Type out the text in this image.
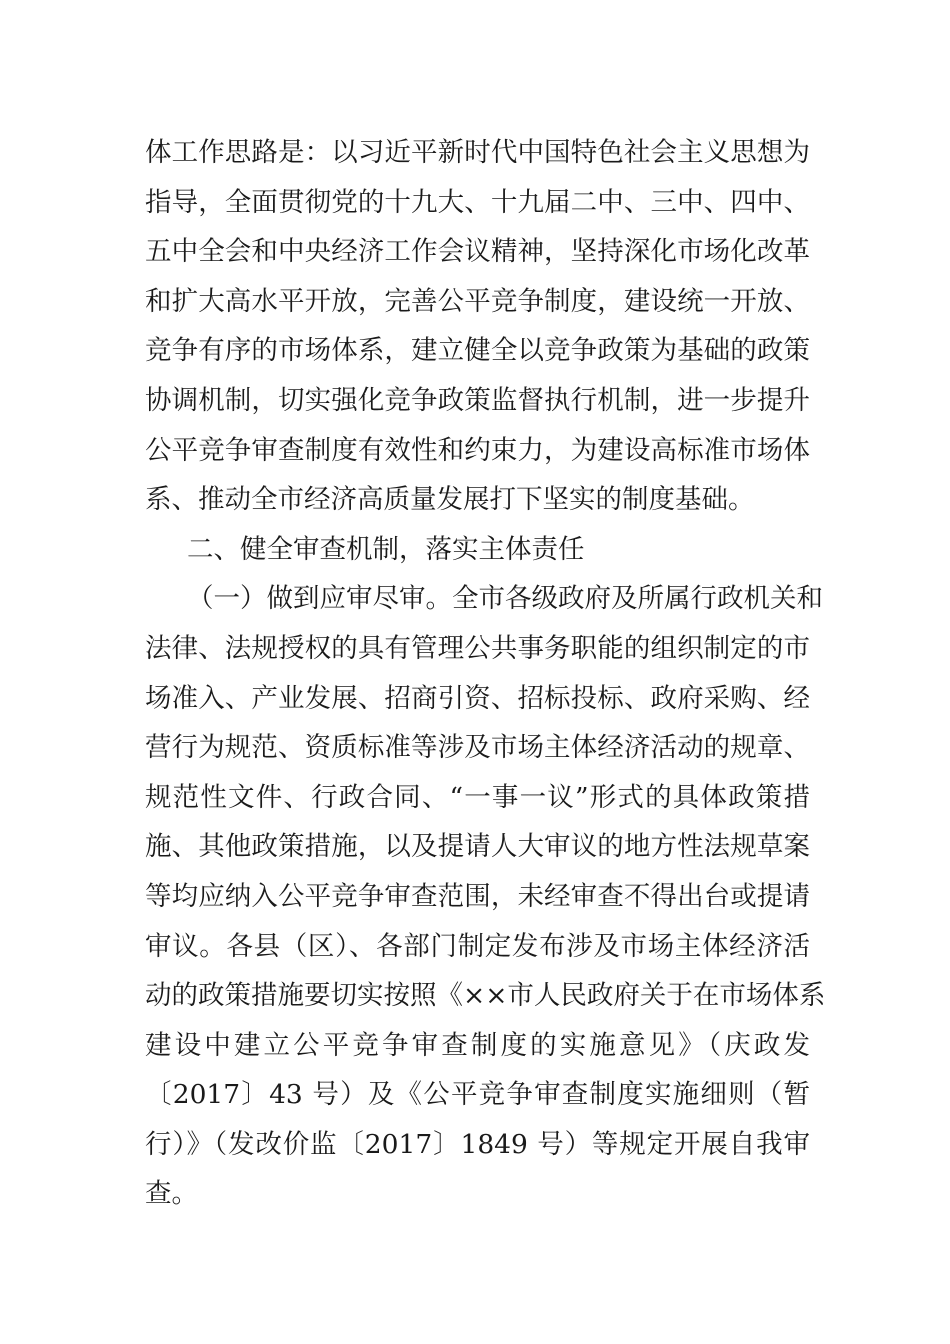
体工作思路是：以习近平新时代中国特色社会主义思想为
指导，全面贯彻党的十九大、十九届二中、三中、四中、
五中全会和中央经济工作会议精神，坚持深化市场化改革
和扩大高水平开放，完善公平竞争制度，建设统一开放、
竞争有序的市场体系，建立健全以竞争政策为基础的政策
协调机制，切实强化竞争政策监督执行机制，进一步提升
公平竞争审查制度有效性和约束力，为建设高标准市场体
系、推动全市经济高质量发展打下坚实的制度基础。
二、健全审查机制，落实主体责任
（一）做到应审尽审。全市各级政府及所属行政机关和
法律、法规授权的具有管理公共事务职能的组织制定的市
场准入、产业发展、招商引资、招标投标、政府采购、经
营行为规范、资质标准等涉及市场主体经济活动的规章、
规范性文件、行政合同、“一事一议”形式的具体政策措
施、其他政策措施，以及提请人大审议的地方性法规草案
等均应纳入公平竞争审查范围，未经审查不得出台或提请
审议。各县（区）、各部门制定发布涉及市场主体经济活
动的政策措施要切实按照《××市人民政府关于在市场体系
建设中建立公平竞争审查制度的实施意见》（庆政发
〔2017〕43 号）及《公平竞争审查制度实施细则（暂
行）》（发改价监〔2017〕1849 号）等规定开展自我审
查。
